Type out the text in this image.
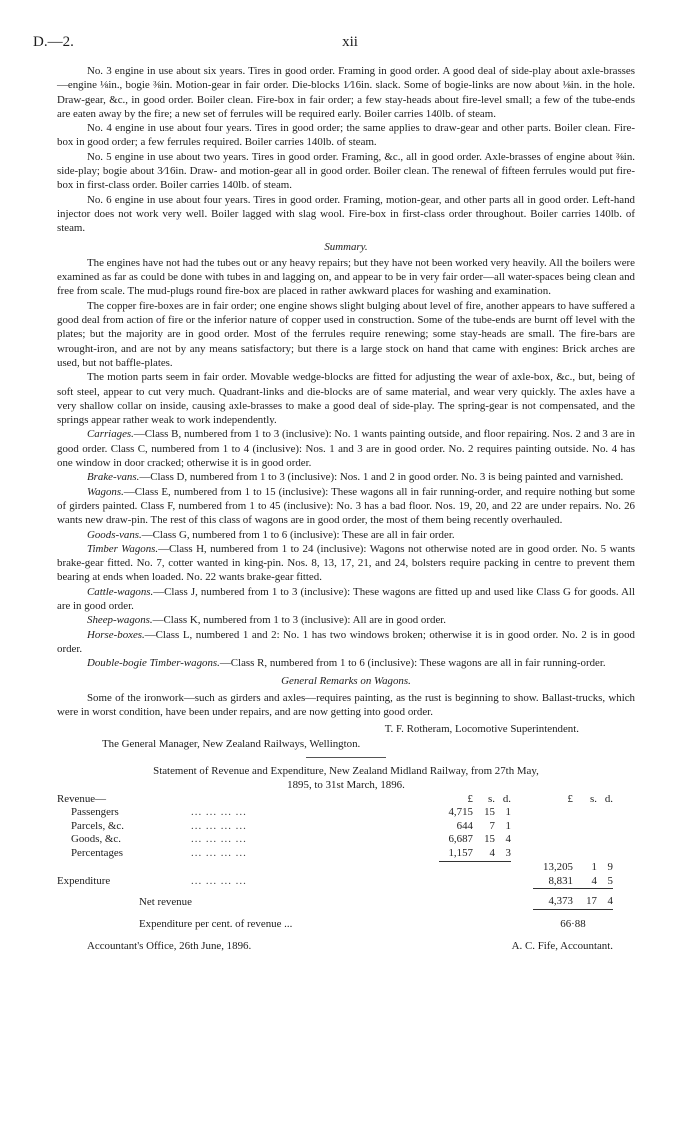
D.—2.	xii

No. 3 engine in use about six years. Tires in good order. Framing in good order. A good deal of side-play about axle-brasses—engine ⅛in., bogie ⅜in. Motion-gear in fair order. Die-blocks 1⁄16in. slack. Some of bogie-links are now about ⅛in. in the hole. Draw-gear, &c., in good order. Boiler clean. Fire-box in fair order; a few stay-heads about fire-level small; a few of the tube-ends are eaten away by the fire; a new set of ferrules will be required early. Boiler carries 140lb. of steam.

No. 4 engine in use about four years. Tires in good order; the same applies to draw-gear and other parts. Boiler clean. Fire-box in good order; a few ferrules required. Boiler carries 140lb. of steam.

No. 5 engine in use about two years. Tires in good order. Framing, &c., all in good order. Axle-brasses of engine about ⅜in. side-play; bogie about 3⁄16in. Draw- and motion-gear all in good order. Boiler clean. The renewal of fifteen ferrules would put fire-box in first-class order. Boiler carries 140lb. of steam.

No. 6 engine in use about four years. Tires in good order. Framing, motion-gear, and other parts all in good order. Left-hand injector does not work very well. Boiler lagged with slag wool. Fire-box in first-class order throughout. Boiler carries 140lb. of steam.

Summary.

The engines have not had the tubes out or any heavy repairs; but they have not been worked very heavily. All the boilers were examined as far as could be done with tubes in and lagging on, and appear to be in very fair order—all water-spaces being clean and free from scale. The mud-plugs round fire-box are placed in rather awkward places for washing and examination.

The copper fire-boxes are in fair order; one engine shows slight bulging about level of fire, another appears to have suffered a good deal from action of fire or the inferior nature of copper used in construction. Some of the tube-ends are burnt off level with the plates; but the majority are in good order. Most of the ferrules require renewing; some stay-heads are small. The fire-bars are wrought-iron, and are not by any means satisfactory; but there is a large stock on hand that came with engines: Brick arches are used, but not baffle-plates.

The motion parts seem in fair order. Movable wedge-blocks are fitted for adjusting the wear of axle-box, &c., but, being of soft steel, appear to cut very much. Quadrant-links and die-blocks are of same material, and wear very quickly. The axles have a very shallow collar on inside, causing axle-brasses to make a good deal of side-play. The spring-gear is not compensated, and the springs appear rather weak to work independently.

Carriages.—Class B, numbered from 1 to 3 (inclusive): No. 1 wants painting outside, and floor repairing. Nos. 2 and 3 are in good order. Class C, numbered from 1 to 4 (inclusive): Nos. 1 and 3 are in good order. No. 2 requires painting outside. No. 4 has one window in door cracked; otherwise it is in good order.

Brake-vans.—Class D, numbered from 1 to 3 (inclusive): Nos. 1 and 2 in good order. No. 3 is being painted and varnished.

Wagons.—Class E, numbered from 1 to 15 (inclusive): These wagons all in fair running-order, and require nothing but some of girders painted. Class F, numbered from 1 to 45 (inclusive): No. 3 has a bad floor. Nos. 19, 20, and 22 are under repairs. No. 26 wants new draw-pin. The rest of this class of wagons are in good order, the most of them being recently overhauled.

Goods-vans.—Class G, numbered from 1 to 6 (inclusive): These are all in fair order.

Timber Wagons.—Class H, numbered from 1 to 24 (inclusive): Wagons not otherwise noted are in good order. No. 5 wants brake-gear fitted. No. 7, cotter wanted in king-pin. Nos. 8, 13, 17, 21, and 24, bolsters require packing in centre to prevent them bearing at ends when loaded. No. 22 wants brake-gear fitted.

Cattle-wagons.—Class J, numbered from 1 to 3 (inclusive): These wagons are fitted up and used like Class G for goods. All are in good order.

Sheep-wagons.—Class K, numbered from 1 to 3 (inclusive): All are in good order.

Horse-boxes.—Class L, numbered 1 and 2: No. 1 has two windows broken; otherwise it is in good order. No. 2 is in good order.

Double-bogie Timber-wagons.—Class R, numbered from 1 to 6 (inclusive): These wagons are all in fair running-order.

General Remarks on Wagons.

Some of the ironwork—such as girders and axles—requires painting, as the rust is beginning to show. Ballast-trucks, which were in worst condition, have been under repairs, and are now getting into good order.

T. F. Rotheram, Locomotive Superintendent.

The General Manager, New Zealand Railways, Wellington.

Statement of Revenue and Expenditure, New Zealand Midland Railway, from 27th May,

1895, to 31st March, 1896.

Revenue—		£	s.	d.		£	s.	d.
Passengers	... ... ... ...	4,715	15	1				
Parcels, &c.	... ... ... ...	644	7	1				
Goods, &c.	... ... ... ...	6,687	15	4				
Percentages	... ... ... ...	1,157	4	3				
						13,205	1	9
Expenditure	... ... ... ...					8,831	4	5
Net revenue						4,373	17	4
Expenditure per cent. of revenue ...						66·88		
Accountant's Office, 26th June, 1896.	A. C. Fife, Accountant.
